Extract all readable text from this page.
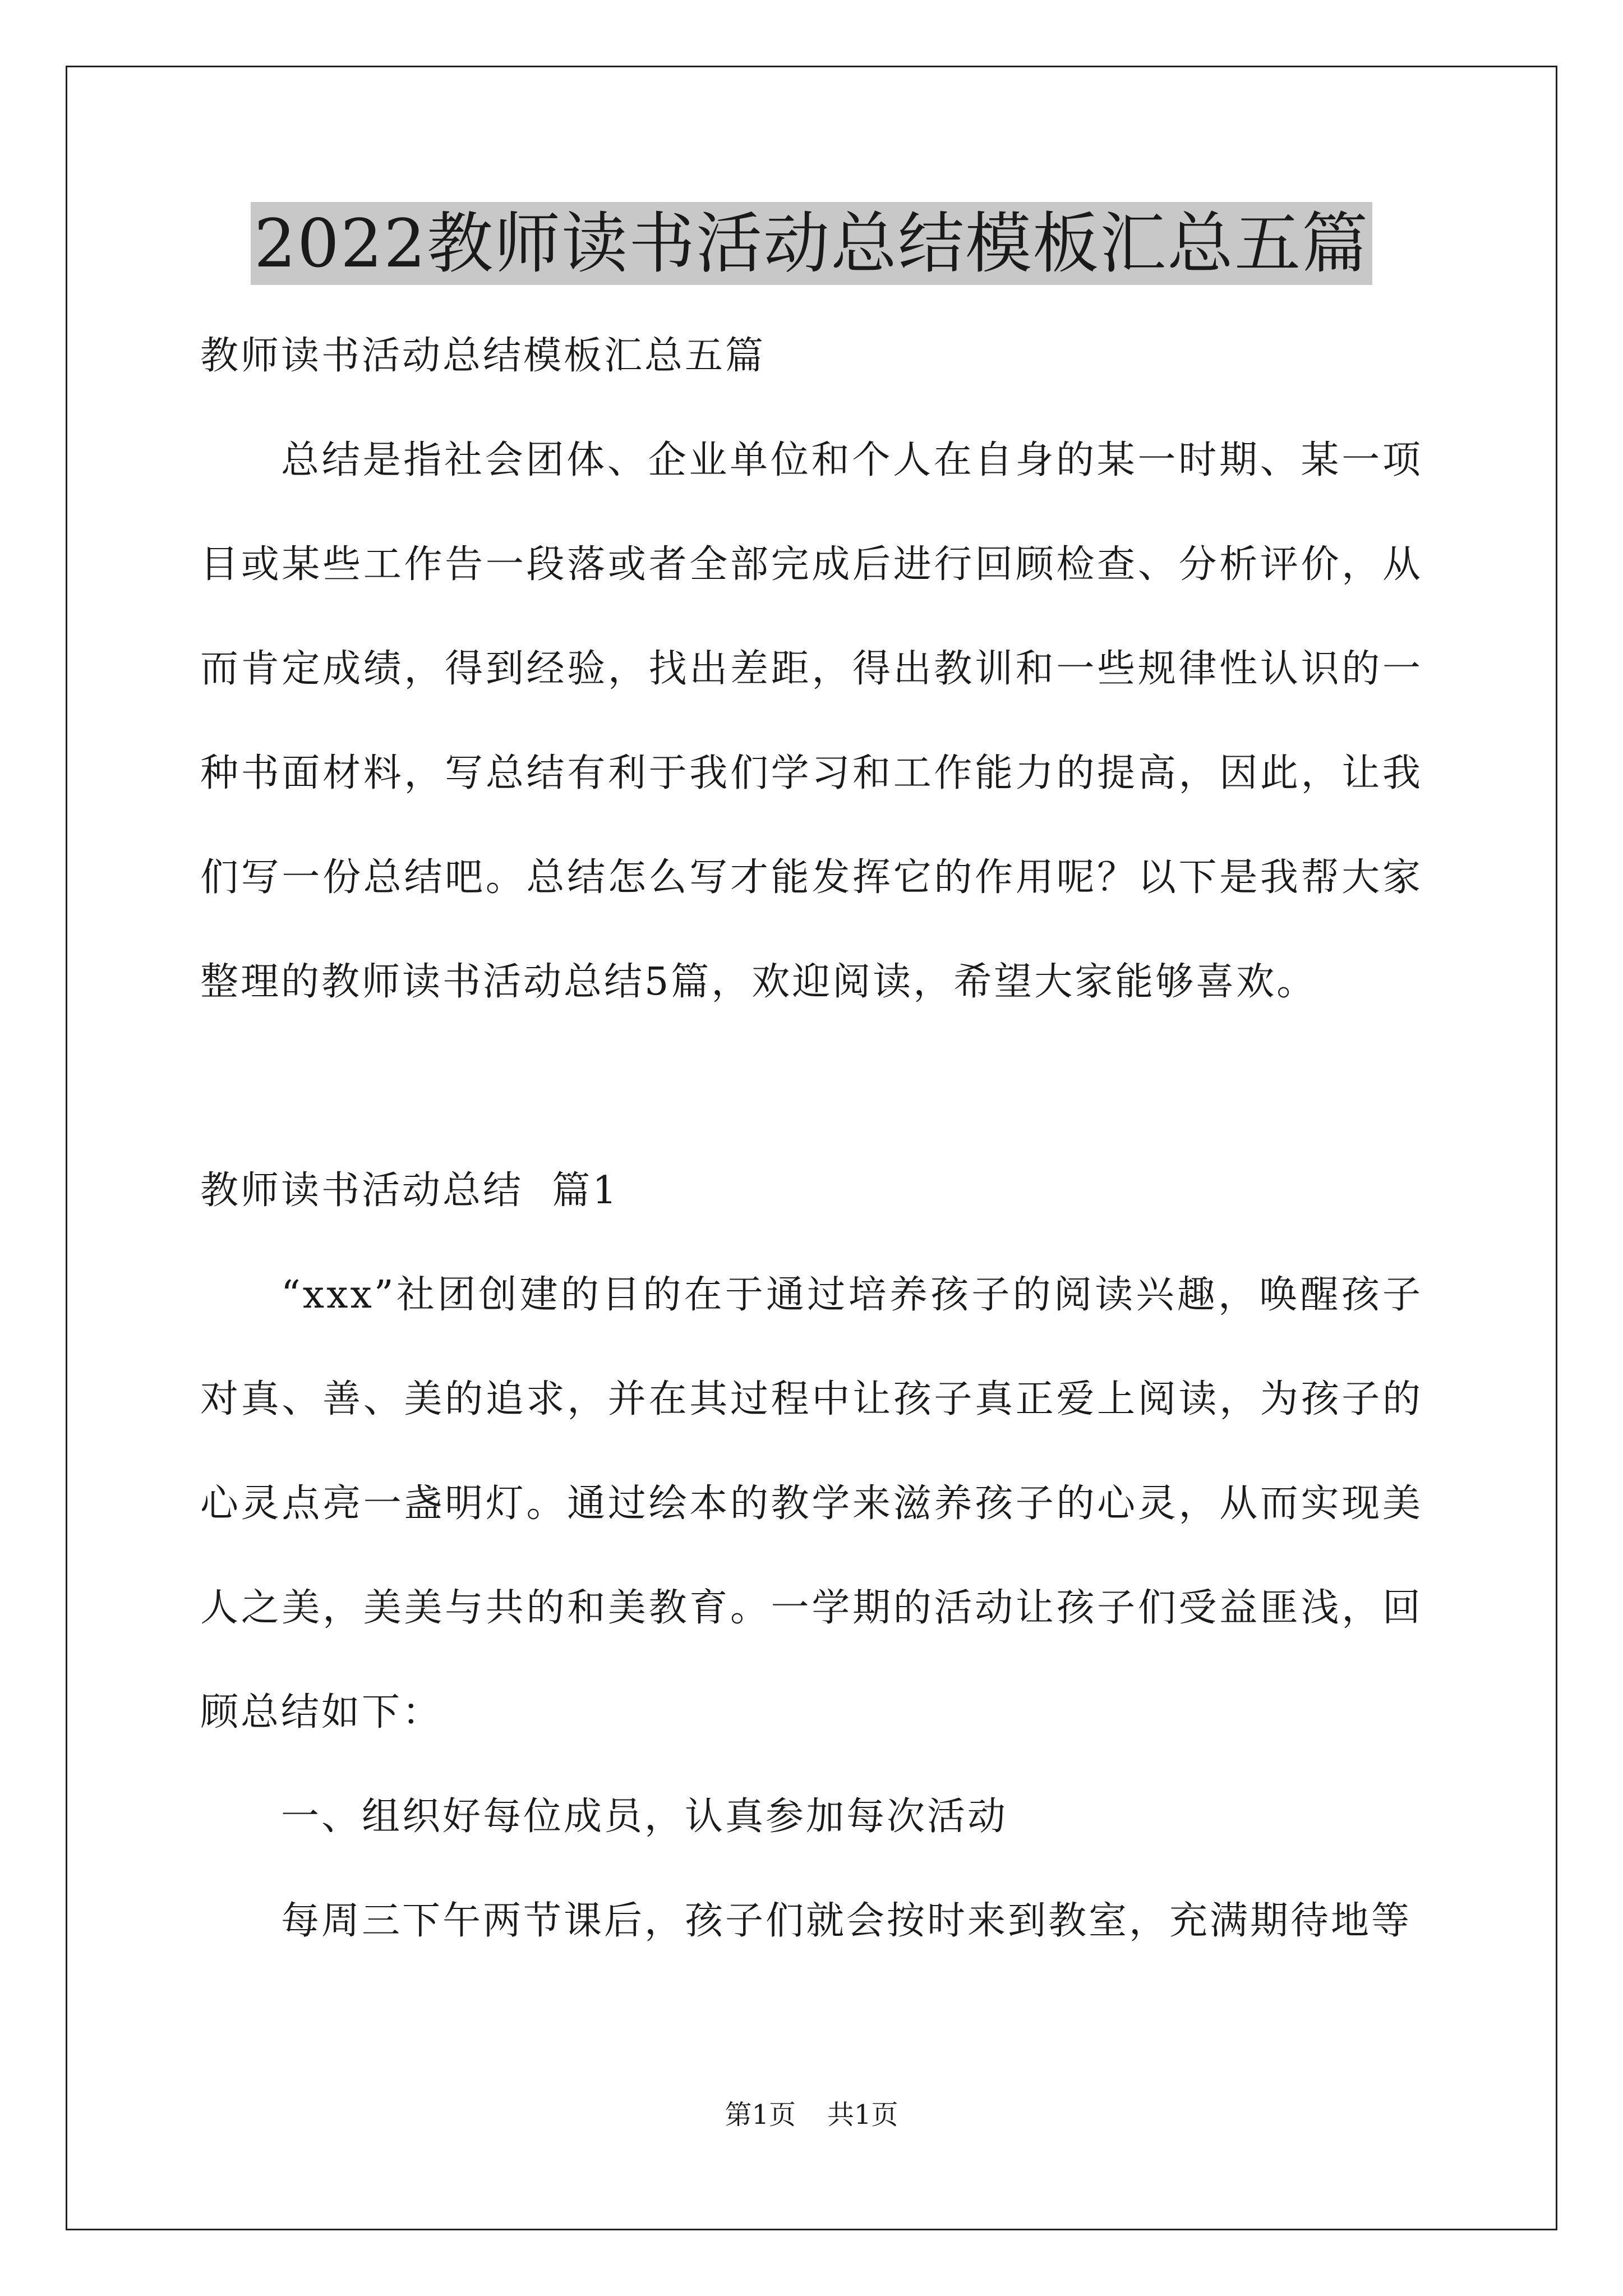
2022教师读书活动总结模板汇总五篇

教师读书活动总结模板汇总五篇

总结是指社会团体、企业单位和个人在自身的某一时期、某一项目或某些工作告一段落或者全部完成后进行回顾检查、分析评价，从而肯定成绩，得到经验，找出差距，得出教训和一些规律性认识的一种书面材料，写总结有利于我们学习和工作能力的提高，因此，让我们写一份总结吧。总结怎么写才能发挥它的作用呢？以下是我帮大家整理的教师读书活动总结5篇，欢迎阅读，希望大家能够喜欢。

教师读书活动总结  篇1

“xxx”社团创建的目的在于通过培养孩子的阅读兴趣，唤醒孩子对真、善、美的追求，并在其过程中让孩子真正爱上阅读，为孩子的心灵点亮一盏明灯。通过绘本的教学来滋养孩子的心灵，从而实现美人之美，美美与共的和美教育。一学期的活动让孩子们受益匪浅，回顾总结如下：

一、组织好每位成员，认真参加每次活动

每周三下午两节课后，孩子们就会按时来到教室，充满期待地等

第1页 共1页
